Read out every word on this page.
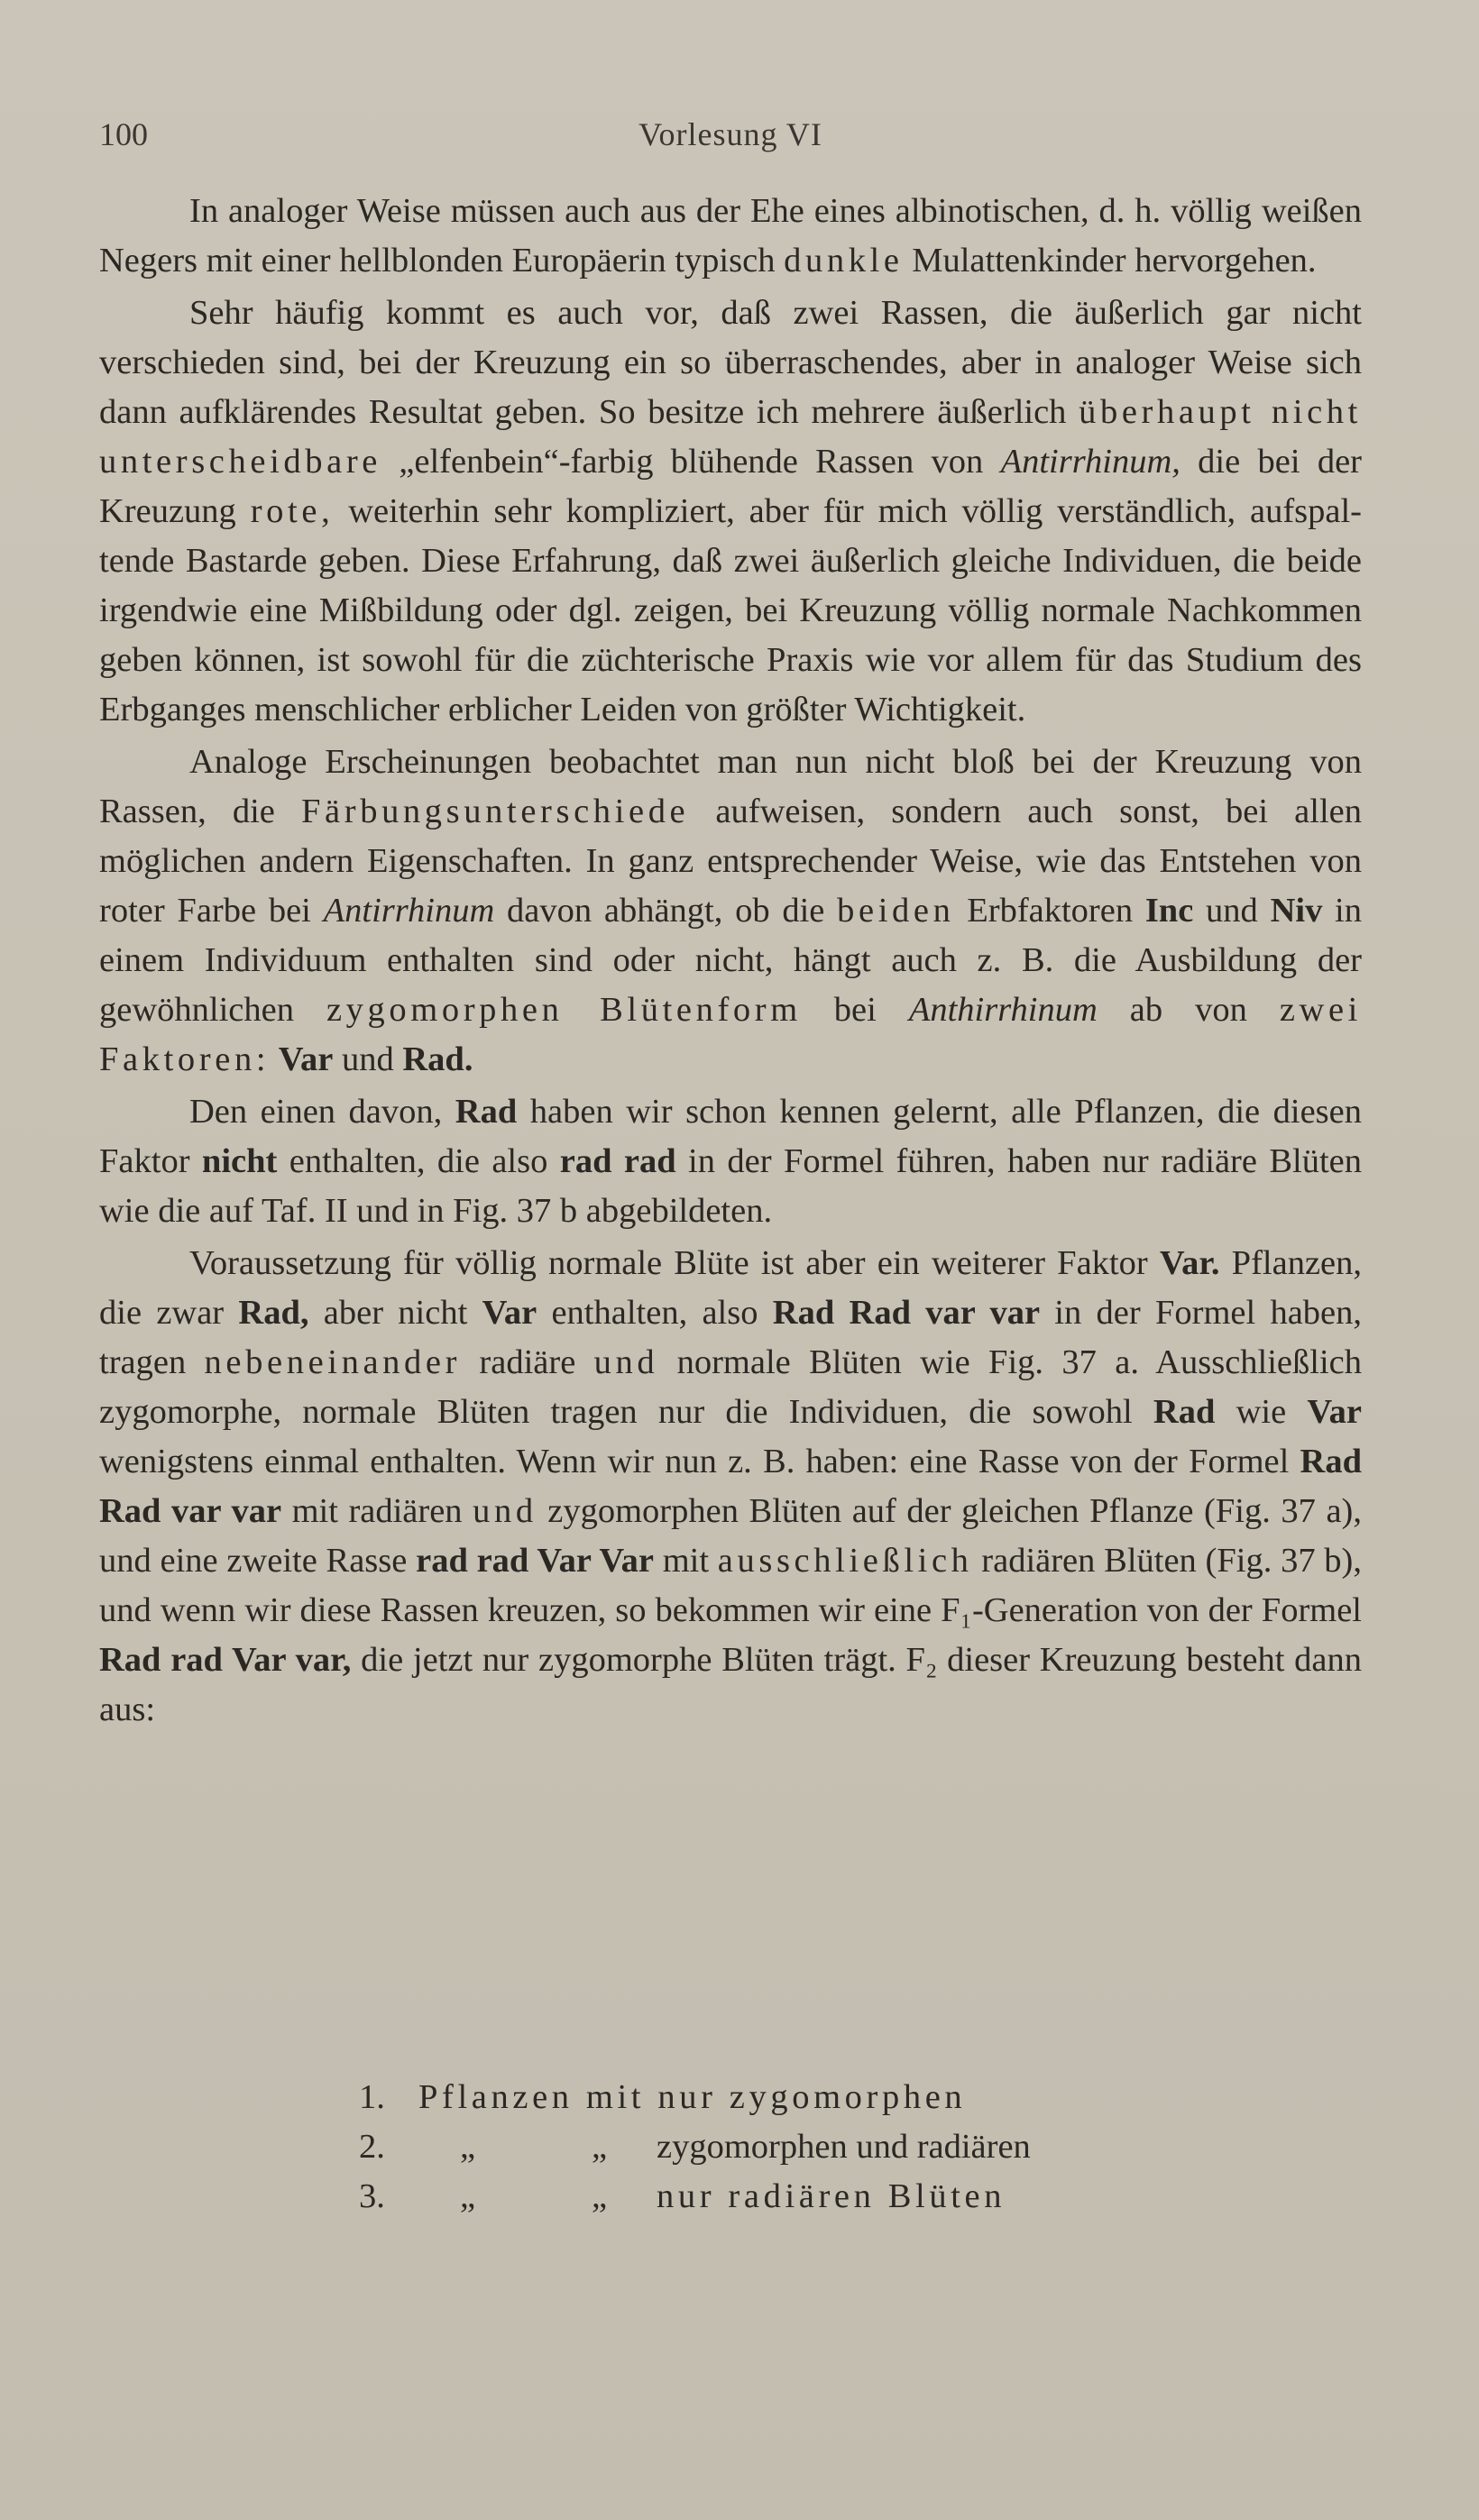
100	Vorlesung VI

In analoger Weise müssen auch aus der Ehe eines albinotischen, d. h. völlig weißen Negers mit einer hellblonden Europäerin typisch dunkle Mulattenkinder hervorgehen.

Sehr häufig kommt es auch vor, daß zwei Rassen, die äußerlich gar nicht verschieden sind, bei der Kreuzung ein so überraschendes, aber in analoger Weise sich dann aufklärendes Resultat geben. So besitze ich mehrere äußerlich überhaupt nicht unterscheidbare „elfenbein“-farbig blühende Rassen von Antirrhinum, die bei der Kreuzung rote, weiterhin sehr kompliziert, aber für mich völlig verständlich, aufspaltende Bastarde geben. Diese Erfahrung, daß zwei äußerlich gleiche Individuen, die beide irgendwie eine Mißbildung oder dgl. zeigen, bei Kreuzung völlig normale Nachkommen geben können, ist sowohl für die züchterische Praxis wie vor allem für das Studium des Erbganges menschlicher erblicher Leiden von größter Wichtigkeit.

Analoge Erscheinungen beobachtet man nun nicht bloß bei der Kreuzung von Rassen, die Färbungsunterschiede aufweisen, sondern auch sonst, bei allen möglichen andern Eigenschaften. In ganz entsprechender Weise, wie das Entstehen von roter Farbe bei Antirrhinum davon abhängt, ob die beiden Erbfaktoren Inc und Niv in einem Individuum enthalten sind oder nicht, hängt auch z. B. die Ausbildung der gewöhnlichen zygomorphen Blütenform bei Anthirrhinum ab von zwei Faktoren: Var und Rad.

Den einen davon, Rad haben wir schon kennen gelernt, alle Pflanzen, die diesen Faktor nicht enthalten, die also rad rad in der Formel führen, haben nur radiäre Blüten wie die auf Taf. II und in Fig. 37 b abgebildeten.

Voraussetzung für völlig normale Blüte ist aber ein weiterer Faktor Var. Pflanzen, die zwar Rad, aber nicht Var enthalten, also Rad Rad var var in der Formel haben, tragen nebeneinander radiäre und normale Blüten wie Fig. 37 a. Ausschließlich zygomorphe, normale Blüten tragen nur die Individuen, die sowohl Rad wie Var wenigstens einmal enthalten. Wenn wir nun z. B. haben: eine Rasse von der Formel Rad Rad var var mit radiären und zygomorphen Blüten auf der gleichen Pflanze (Fig. 37 a), und eine zweite Rasse rad rad Var Var mit ausschließlich radiären Blüten (Fig. 37 b), und wenn wir diese Rassen kreuzen, so bekommen wir eine F₁-Generation von der Formel Rad rad Var var, die jetzt nur zygomorphe Blüten trägt. F₂ dieser Kreuzung besteht dann aus:

1. Pflanzen mit nur zygomorphen
2. „	„ zygomorphen und radiären
3. „	„ nur radiären Blüten
